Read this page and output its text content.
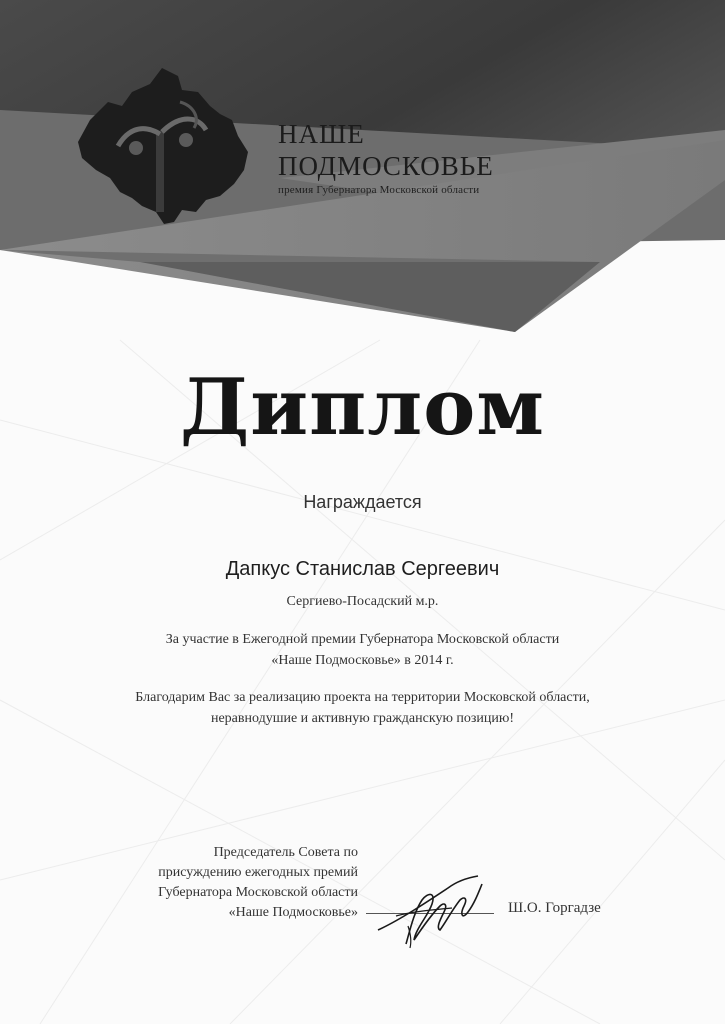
НАШЕ
ПОДМОСКОВЬЕ
премия Губернатора Московской области
Диплом
Награждается
Дапкус Станислав Сергеевич
Сергиево-Посадский м.р.
За участие в Ежегодной премии Губернатора Московской области
«Наше Подмосковье» в 2014 г.
Благодарим Вас за реализацию проекта на территории Московской области,
неравнодушие и активную гражданскую позицию!
Председатель Совета по
присуждению ежегодных премий
Губернатора Московской области
«Наше Подмосковье»	Ш.О. Горгадзе
